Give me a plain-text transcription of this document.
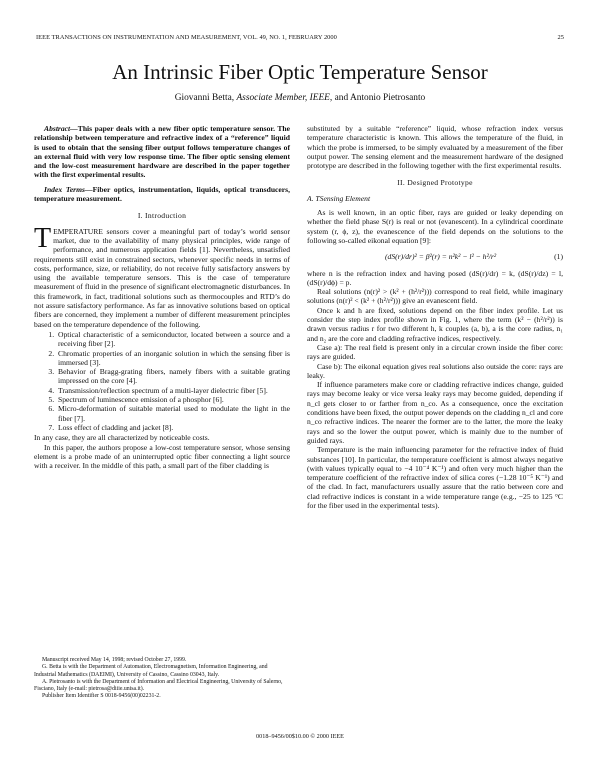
IEEE TRANSACTIONS ON INSTRUMENTATION AND MEASUREMENT, VOL. 49, NO. 1, FEBRUARY 2000	25
An Intrinsic Fiber Optic Temperature Sensor
Giovanni Betta, Associate Member, IEEE, and Antonio Pietrosanto

Abstract—This paper deals with a new fiber optic temperature sensor. The relationship between temperature and refractive index of a “reference” liquid is used to obtain that the sensing fiber output follows temperature changes of an external fluid with very low response time. The fiber optic sensing element and the low-cost measurement hardware are described in the paper together with the first experimental results.

Index Terms—Fiber optics, instrumentation, liquids, optical transducers, temperature measurement.

I. Introduction

TEMPERATURE sensors cover a meaningful part of today’s world sensor market, due to the availability of many physical principles, wide range of performance, and numerous application fields [1]. Nevertheless, unsatisfied requirements still exist in constrained sectors, whenever specific needs in terms of costs, performance, size, or reliability, do not receive fully satisfactory answers by using the available temperature sensors. This is the case of temperature measurement of fluid in the presence of significant electromagnetic disturbances. In this framework, in fact, traditional solutions such as thermocouples and RTD’s do not assure satisfactory performance. As far as innovative solutions based on optical fibers are concerned, they implement a number of different measurement principles based on the temperature dependence of the following.

1. Optical characteristic of a semiconductor, located between a source and a receiving fiber [2].
2. Chromatic properties of an inorganic solution in which the sensing fiber is immersed [3].
3. Behavior of Bragg-grating fibers, namely fibers with a suitable grating impressed on the core [4].
4. Transmission/reflection spectrum of a multi-layer dielectric fiber [5].
5. Spectrum of luminescence emission of a phosphor [6].
6. Micro-deformation of suitable material used to modulate the light in the fiber [7].
7. Loss effect of cladding and jacket [8].

In any case, they are all characterized by noticeable costs.

In this paper, the authors propose a low-cost temperature sensor, whose sensing element is a probe made of an uninterrupted optic fiber connecting a light source with a receiver. In the middle of this path, a small part of the fiber cladding is

Manuscript received May 14, 1998; revised October 27, 1999.

G. Betta is with the Department of Automation, Electromagnetism, Information Engineering, and Industrial Mathematics (DAEIMI), University of Cassino, Cassino 03043, Italy.

A. Pietrosanto is with the Department of Information and Electrical Engineering, University of Salerno, Fisciano, Italy (e-mail: pietrosa@diiie.unisa.it).

Publisher Item Identifier S 0018-9456(00)02231-2.

substituted by a suitable “reference” liquid, whose refraction index versus temperature characteristic is known. This allows the temperature of the fluid, in which the probe is immersed, to be simply evaluated by a measurement of the fiber output power. The sensing element and the measurement hardware of the designed prototype are described in the following together with the first experimental results.

II. Designed Prototype
A. TSensing Element

As is well known, in an optic fiber, rays are guided or leaky depending on whether the field phase S(r) is real or not (evanescent). In a cylindrical coordinate system (r, ϕ, z), the evanescence of the field depends on the solutions to the following so-called eikonal equation [9]:

(dS(r)/dr)² = β²(r) = n²k² − l² − h²/r²	(1)

where n is the refraction index and having posed (dS(r)/dr) = k, (dS(r)/dz) = l, (dS(r)/dϕ) = p.

Real solutions (n(r)² > (k² + (h²/r²))) correspond to real field, while imaginary solutions (n(r)² < (k² + (h²/r²))) give an evanescent field.

Once k and h are fixed, solutions depend on the fiber index profile. Let us consider the step index profile shown in Fig. 1, where the term (k² − (h²/r²)) is drawn versus radius r for two different h, k couples (a, b), a is the core radius, n₁ and n₂ are the core and cladding refractive indices, respectively.

Case a): The real field is present only in a circular crown inside the fiber core: rays are guided.

Case b): The eikonal equation gives real solutions also outside the core: rays are leaky.

If influence parameters make core or cladding refractive indices change, guided rays may become leaky or vice versa leaky rays may become guided, depending if n_cl gets closer to or farther from n_co. As a consequence, once the excitation conditions have been fixed, the output power depends on the cladding n_cl and core n_co refractive indices. The nearer the former are to the latter, the more the leaky rays and so the lower the output power, which is mainly due to the number of guided rays.

Temperature is the main influencing parameter for the refractive index of fluid substances [10]. In particular, the temperature coefficient is almost always negative (with values typically equal to −4 10⁻⁴ K⁻¹) and often very much higher than the temperature coefficient of the refractive index of silica cores (−1.28 10⁻⁵ K⁻¹) and of the clad. In fact, manufacturers usually assure that the ratio between core and clad refractive indices is constant in a wide temperature range (e.g., −25 to 125 °C for the fiber used in the experimental tests).

0018–9456/00$10.00 © 2000 IEEE
